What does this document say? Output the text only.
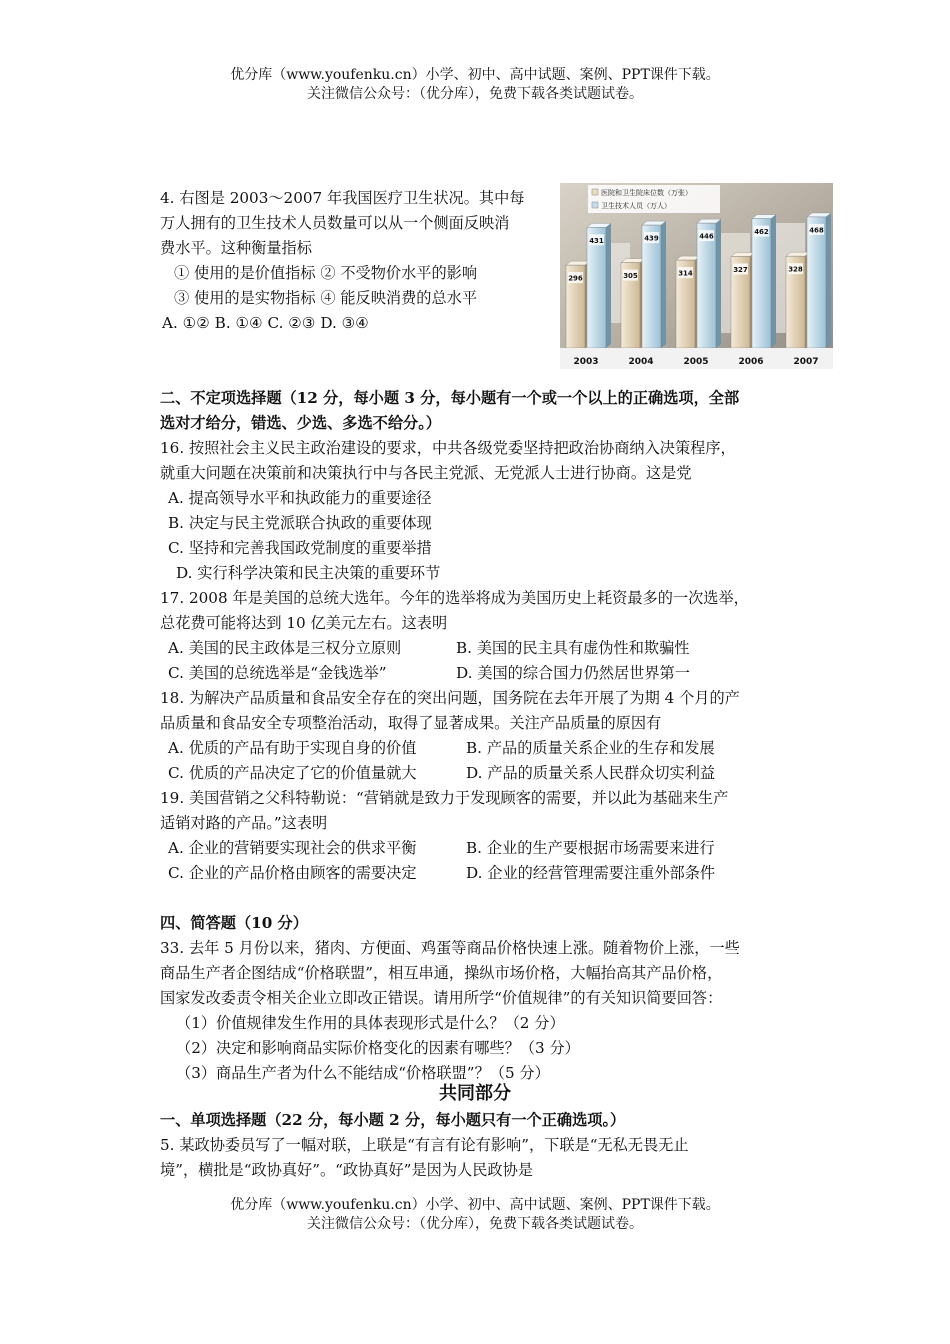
优分库（www.youfenku.cn）小学、初中、高中试题、案例、PPT课件下载。
关注微信公众号：（优分库），免费下载各类试题试卷。
4. 右图是 2003～2007 年我国医疗卫生状况。其中每
万人拥有的卫生技术人员数量可以从一个侧面反映消
费水平。这种衡量指标
① 使用的是价值指标 ② 不受物价水平的影响
③ 使用的是实物指标 ④ 能反映消费的总水平
A. ①② B. ①④ C. ②③ D. ③④
医院和卫生院床位数（万张）
卫生技术人员（万人）
296
431
305
439
314
446
327
462
328
468
2003	2004	2005	2006	2007
二、不定项选择题（12 分，每小题 3 分，每小题有一个或一个以上的正确选项，全部
选对才给分，错选、少选、多选不给分。）
16. 按照社会主义民主政治建设的要求，中共各级党委坚持把政治协商纳入决策程序，
就重大问题在决策前和决策执行中与各民主党派、无党派人士进行协商。这是党
A. 提高领导水平和执政能力的重要途径
B. 决定与民主党派联合执政的重要体现
C. 坚持和完善我国政党制度的重要举措
D. 实行科学决策和民主决策的重要环节
17. 2008 年是美国的总统大选年。今年的选举将成为美国历史上耗资最多的一次选举，
总花费可能将达到 10 亿美元左右。这表明
A. 美国的民主政体是三权分立原则	B. 美国的民主具有虚伪性和欺骗性
C. 美国的总统选举是“金钱选举”	D. 美国的综合国力仍然居世界第一
18. 为解决产品质量和食品安全存在的突出问题，国务院在去年开展了为期 4 个月的产
品质量和食品安全专项整治活动，取得了显著成果。关注产品质量的原因有
A. 优质的产品有助于实现自身的价值	B. 产品的质量关系企业的生存和发展
C. 优质的产品决定了它的价值量就大	D. 产品的质量关系人民群众切实利益
19. 美国营销之父科特勒说：“营销就是致力于发现顾客的需要，并以此为基础来生产
适销对路的产品。”这表明
A. 企业的营销要实现社会的供求平衡	B. 企业的生产要根据市场需要来进行
C. 企业的产品价格由顾客的需要决定	D. 企业的经营管理需要注重外部条件
四、简答题（10 分）
33. 去年 5 月份以来，猪肉、方便面、鸡蛋等商品价格快速上涨。随着物价上涨，一些
商品生产者企图结成“价格联盟”，相互串通，操纵市场价格，大幅抬高其产品价格，
国家发改委责令相关企业立即改正错误。请用所学“价值规律”的有关知识简要回答：
（1）价值规律发生作用的具体表现形式是什么？（2 分）
（2）决定和影响商品实际价格变化的因素有哪些？（3 分）
（3）商品生产者为什么不能结成“价格联盟”？（5 分）
共同部分
一、单项选择题（22 分，每小题 2 分，每小题只有一个正确选项。）
5. 某政协委员写了一幅对联，上联是“有言有论有影响”，下联是“无私无畏无止
境”，横批是“政协真好”。“政协真好”是因为人民政协是
优分库（www.youfenku.cn）小学、初中、高中试题、案例、PPT课件下载。
关注微信公众号：（优分库），免费下载各类试题试卷。
